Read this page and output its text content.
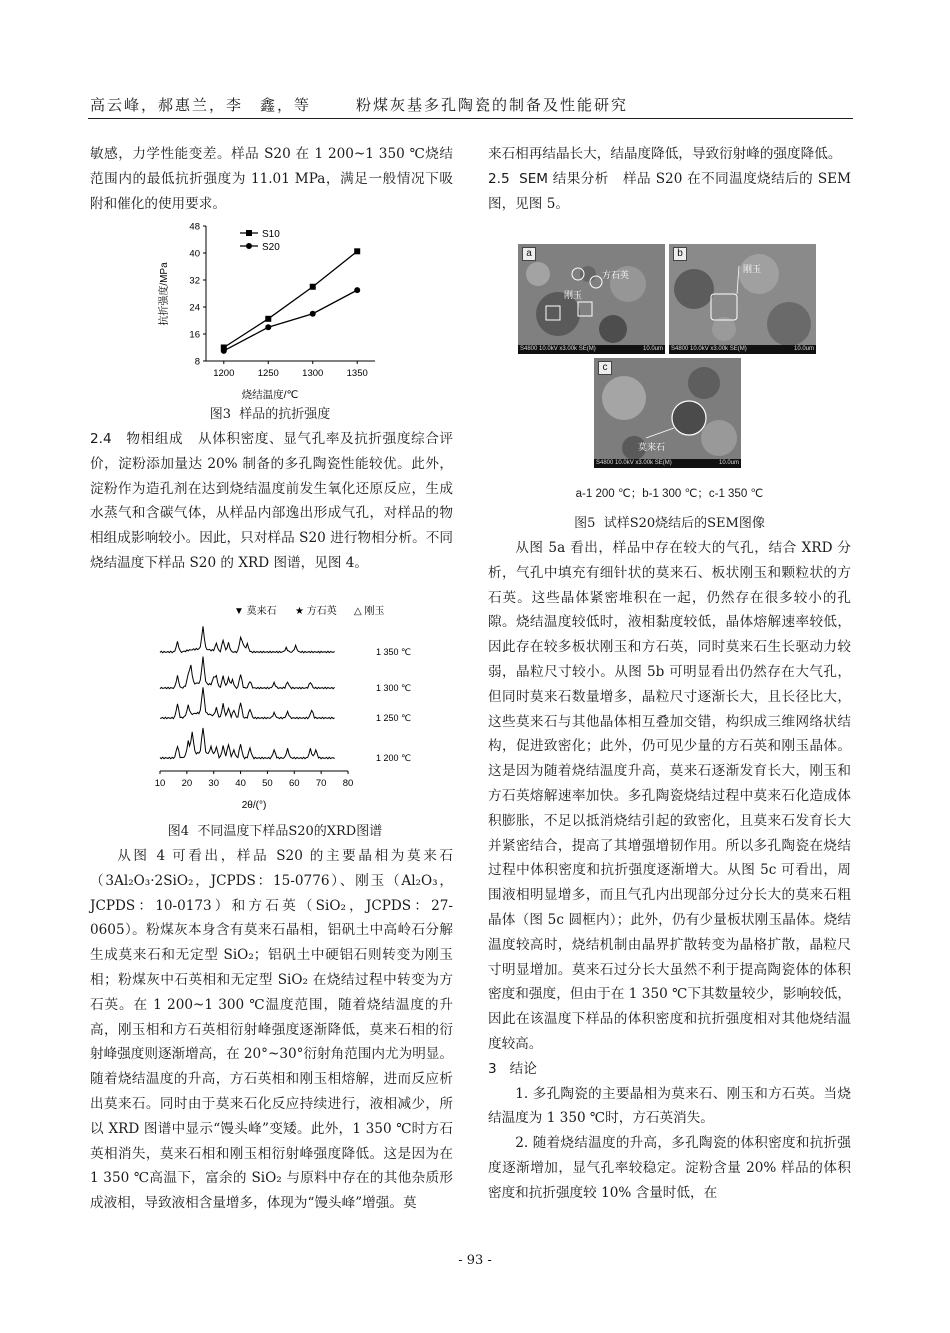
高云峰，郝惠兰，李　鑫，等	粉煤灰基多孔陶瓷的制备及性能研究

敏感，力学性能变差。样品 S20 在 1 200~1 350 ℃烧结范围内的最低抗折强度为 11.01 MPa，满足一般情况下吸附和催化的使用要求。

8
16
24
32
40
48
1200 1250 1300 1350
S10
S20
烧结温度/℃
抗折强度/MPa
图3 样品的抗折强度

2.4 物相组成 从体积密度、显气孔率及抗折强度综合评价，淀粉添加量达 20% 制备的多孔陶瓷性能较优。此外，淀粉作为造孔剂在达到烧结温度前发生氧化还原反应，生成水蒸气和含碳气体，从样品内部逸出形成气孔，对样品的物相组成影响较小。因此，只对样品 S20 进行物相分析。不同烧结温度下样品 S20 的 XRD 图谱，见图 4。

▼ 莫来石 ★ 方石英 △ 刚玉
1 350 ℃
1 300 ℃
1 250 ℃
1 200 ℃
10 20 30 40 50 60 70 80
2θ/(°)
图4 不同温度下样品S20的XRD图谱

从图 4 可看出，样品 S20 的主要晶相为莫来石（3Al₂O₃·2SiO₂，JCPDS：15-0776）、刚玉（Al₂O₃，JCPDS：10-0173）和方石英（SiO₂，JCPDS：27-0605）。粉煤灰本身含有莫来石晶相，铝矾土中高岭石分解生成莫来石和无定型 SiO₂；铝矾土中硬铝石则转变为刚玉相；粉煤灰中石英相和无定型 SiO₂ 在烧结过程中转变为方石英。在 1 200~1 300 ℃温度范围，随着烧结温度的升高，刚玉相和方石英相衍射峰强度逐渐降低，莫来石相的衍射峰强度则逐渐增高，在 20°~30°衍射角范围内尤为明显。随着烧结温度的升高，方石英相和刚玉相熔解，进而反应析出莫来石。同时由于莫来石化反应持续进行，液相减少，所以 XRD 图谱中显示“馒头峰”变矮。此外，1 350 ℃时方石英相消失，莫来石相和刚玉相衍射峰强度降低。这是因为在 1 350 ℃高温下，富余的 SiO₂ 与原料中存在的其他杂质形成液相，导致液相含量增多，体现为“馒头峰”增强。莫

来石相再结晶长大，结晶度降低，导致衍射峰的强度降低。

2.5 SEM 结果分析 样品 S20 在不同温度烧结后的 SEM 图，见图 5。

a
方石英
刚玉
S4800 10.0kV x3.00k SE(M)	10.0um
b
刚玉
S4800 10.0kV x3.00k SE(M)	10.0um
c
莫来石
S4800 10.0kV x3.00k SE(M)	10.0um
a-1 200 ℃；b-1 300 ℃；c-1 350 ℃
图5 试样S20烧结后的SEM图像

从图 5a 看出，样品中存在较大的气孔，结合 XRD 分析，气孔中填充有细针状的莫来石、板状刚玉和颗粒状的方石英。这些晶体紧密堆积在一起，仍然存在很多较小的孔隙。烧结温度较低时，液相黏度较低，晶体熔解速率较低，因此存在较多板状刚玉和方石英，同时莫来石生长驱动力较弱，晶粒尺寸较小。从图 5b 可明显看出仍然存在大气孔，但同时莫来石数量增多，晶粒尺寸逐渐长大，且长径比大，这些莫来石与其他晶体相互叠加交错，构织成三维网络状结构，促进致密化；此外，仍可见少量的方石英和刚玉晶体。这是因为随着烧结温度升高，莫来石逐渐发育长大，刚玉和方石英熔解速率加快。多孔陶瓷烧结过程中莫来石化造成体积膨胀，不足以抵消烧结引起的致密化，且莫来石发育长大并紧密结合，提高了其增强增韧作用。所以多孔陶瓷在烧结过程中体积密度和抗折强度逐渐增大。从图 5c 可看出，周围液相明显增多，而且气孔内出现部分过分长大的莫来石粗晶体（图 5c 圆框内）；此外，仍有少量板状刚玉晶体。烧结温度较高时，烧结机制由晶界扩散转变为晶格扩散，晶粒尺寸明显增加。莫来石过分长大虽然不利于提高陶瓷体的体积密度和强度，但由于在 1 350 ℃下其数量较少，影响较低，因此在该温度下样品的体积密度和抗折强度相对其他烧结温度较高。

3 结论

1. 多孔陶瓷的主要晶相为莫来石、刚玉和方石英。当烧结温度为 1 350 ℃时，方石英消失。

2. 随着烧结温度的升高，多孔陶瓷的体积密度和抗折强度逐渐增加，显气孔率较稳定。淀粉含量 20% 样品的体积密度和抗折强度较 10% 含量时低，在

- 93 -
